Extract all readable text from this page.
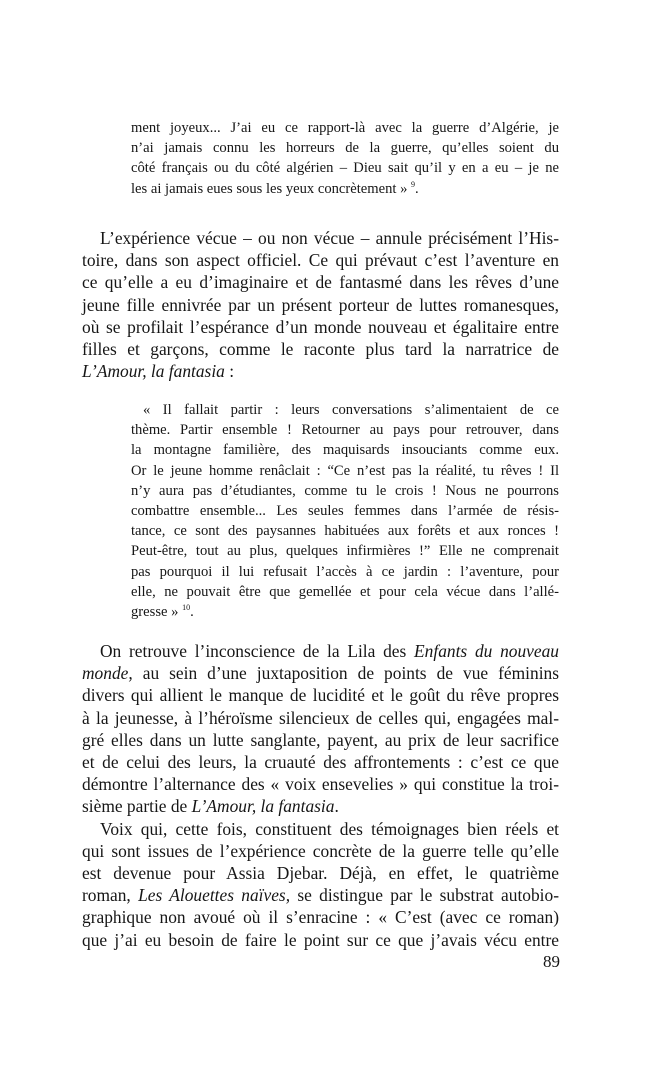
ment joyeux... J’ai eu ce rapport-là avec la guerre d’Algérie, je
n’ai jamais connu les horreurs de la guerre, qu’elles soient du
côté français ou du côté algérien – Dieu sait qu’il y en a eu – je ne
les ai jamais eues sous les yeux concrètement » $^9$.
L’expérience vécue – ou non vécue – annule précisément l’His-
toire, dans son aspect officiel. Ce qui prévaut c’est l’aventure en
ce qu’elle a eu d’imaginaire et de fantasmé dans les rêves d’une
jeune fille ennivrée par un présent porteur de luttes romanesques,
où se profilait l’espérance d’un monde nouveau et égalitaire entre
filles et garçons, comme le raconte plus tard la narratrice de
L’Amour, la fantasia :
« Il fallait partir : leurs conversations s’alimentaient de ce
thème. Partir ensemble ! Retourner au pays pour retrouver, dans
la montagne familière, des maquisards insouciants comme eux.
Or le jeune homme renâclait : “Ce n’est pas la réalité, tu rêves ! Il
n’y aura pas d’étudiantes, comme tu le crois ! Nous ne pourrons
combattre ensemble... Les seules femmes dans l’armée de résis-
tance, ce sont des paysannes habituées aux forêts et aux ronces !
Peut-être, tout au plus, quelques infirmières !” Elle ne comprenait
pas pourquoi il lui refusait l’accès à ce jardin : l’aventure, pour
elle, ne pouvait être que gemellée et pour cela vécue dans l’allé-
gresse » $^{10}$.
On retrouve l’inconscience de la Lila des Enfants du nouveau
monde, au sein d’une juxtaposition de points de vue féminins
divers qui allient le manque de lucidité et le goût du rêve propres
à la jeunesse, à l’héroïsme silencieux de celles qui, engagées mal-
gré elles dans un lutte sanglante, payent, au prix de leur sacrifice
et de celui des leurs, la cruauté des affrontements : c’est ce que
démontre l’alternance des « voix ensevelies » qui constitue la troi-
sième partie de L’Amour, la fantasia.
Voix qui, cette fois, constituent des témoignages bien réels et
qui sont issues de l’expérience concrète de la guerre telle qu’elle
est devenue pour Assia Djebar. Déjà, en effet, le quatrième
roman, Les Alouettes naïves, se distingue par le substrat autobio-
graphique non avoué où il s’enracine : « C’est (avec ce roman)
que j’ai eu besoin de faire le point sur ce que j’avais vécu entre
89
